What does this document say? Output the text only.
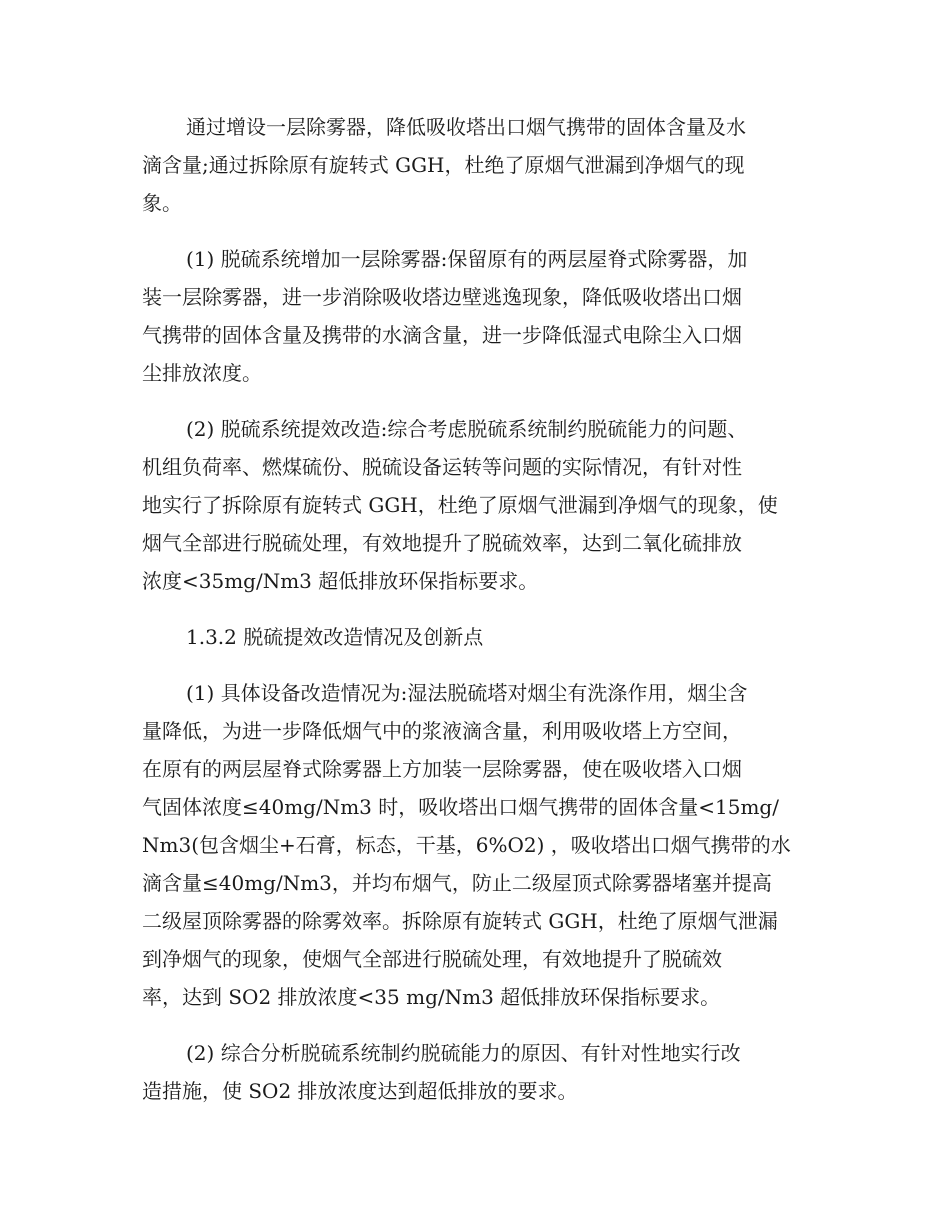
通过增设一层除雾器，降低吸收塔出口烟气携带的固体含量及水
滴含量;通过拆除原有旋转式 GGH，杜绝了原烟气泄漏到净烟气的现
象。
(1) 脱硫系统增加一层除雾器:保留原有的两层屋脊式除雾器，加
装一层除雾器，进一步消除吸收塔边壁逃逸现象，降低吸收塔出口烟
气携带的固体含量及携带的水滴含量，进一步降低湿式电除尘入口烟
尘排放浓度。
(2) 脱硫系统提效改造:综合考虑脱硫系统制约脱硫能力的问题、
机组负荷率、燃煤硫份、脱硫设备运转等问题的实际情况，有针对性
地实行了拆除原有旋转式 GGH，杜绝了原烟气泄漏到净烟气的现象，使
烟气全部进行脱硫处理，有效地提升了脱硫效率，达到二氧化硫排放
浓度<35mg/Nm3 超低排放环保指标要求。
1.3.2 脱硫提效改造情况及创新点
(1) 具体设备改造情况为:湿法脱硫塔对烟尘有洗涤作用，烟尘含
量降低，为进一步降低烟气中的浆液滴含量，利用吸收塔上方空间，
在原有的两层屋脊式除雾器上方加装一层除雾器，使在吸收塔入口烟
气固体浓度≤40mg/Nm3 时，吸收塔出口烟气携带的固体含量<15mg/
Nm3(包含烟尘+石膏，标态，干基，6%O2) ，吸收塔出口烟气携带的水
滴含量≤40mg/Nm3，并均布烟气，防止二级屋顶式除雾器堵塞并提高
二级屋顶除雾器的除雾效率。拆除原有旋转式 GGH，杜绝了原烟气泄漏
到净烟气的现象，使烟气全部进行脱硫处理，有效地提升了脱硫效
率，达到 SO2 排放浓度<35 mg/Nm3 超低排放环保指标要求。
(2) 综合分析脱硫系统制约脱硫能力的原因、有针对性地实行改
造措施，使 SO2 排放浓度达到超低排放的要求。
